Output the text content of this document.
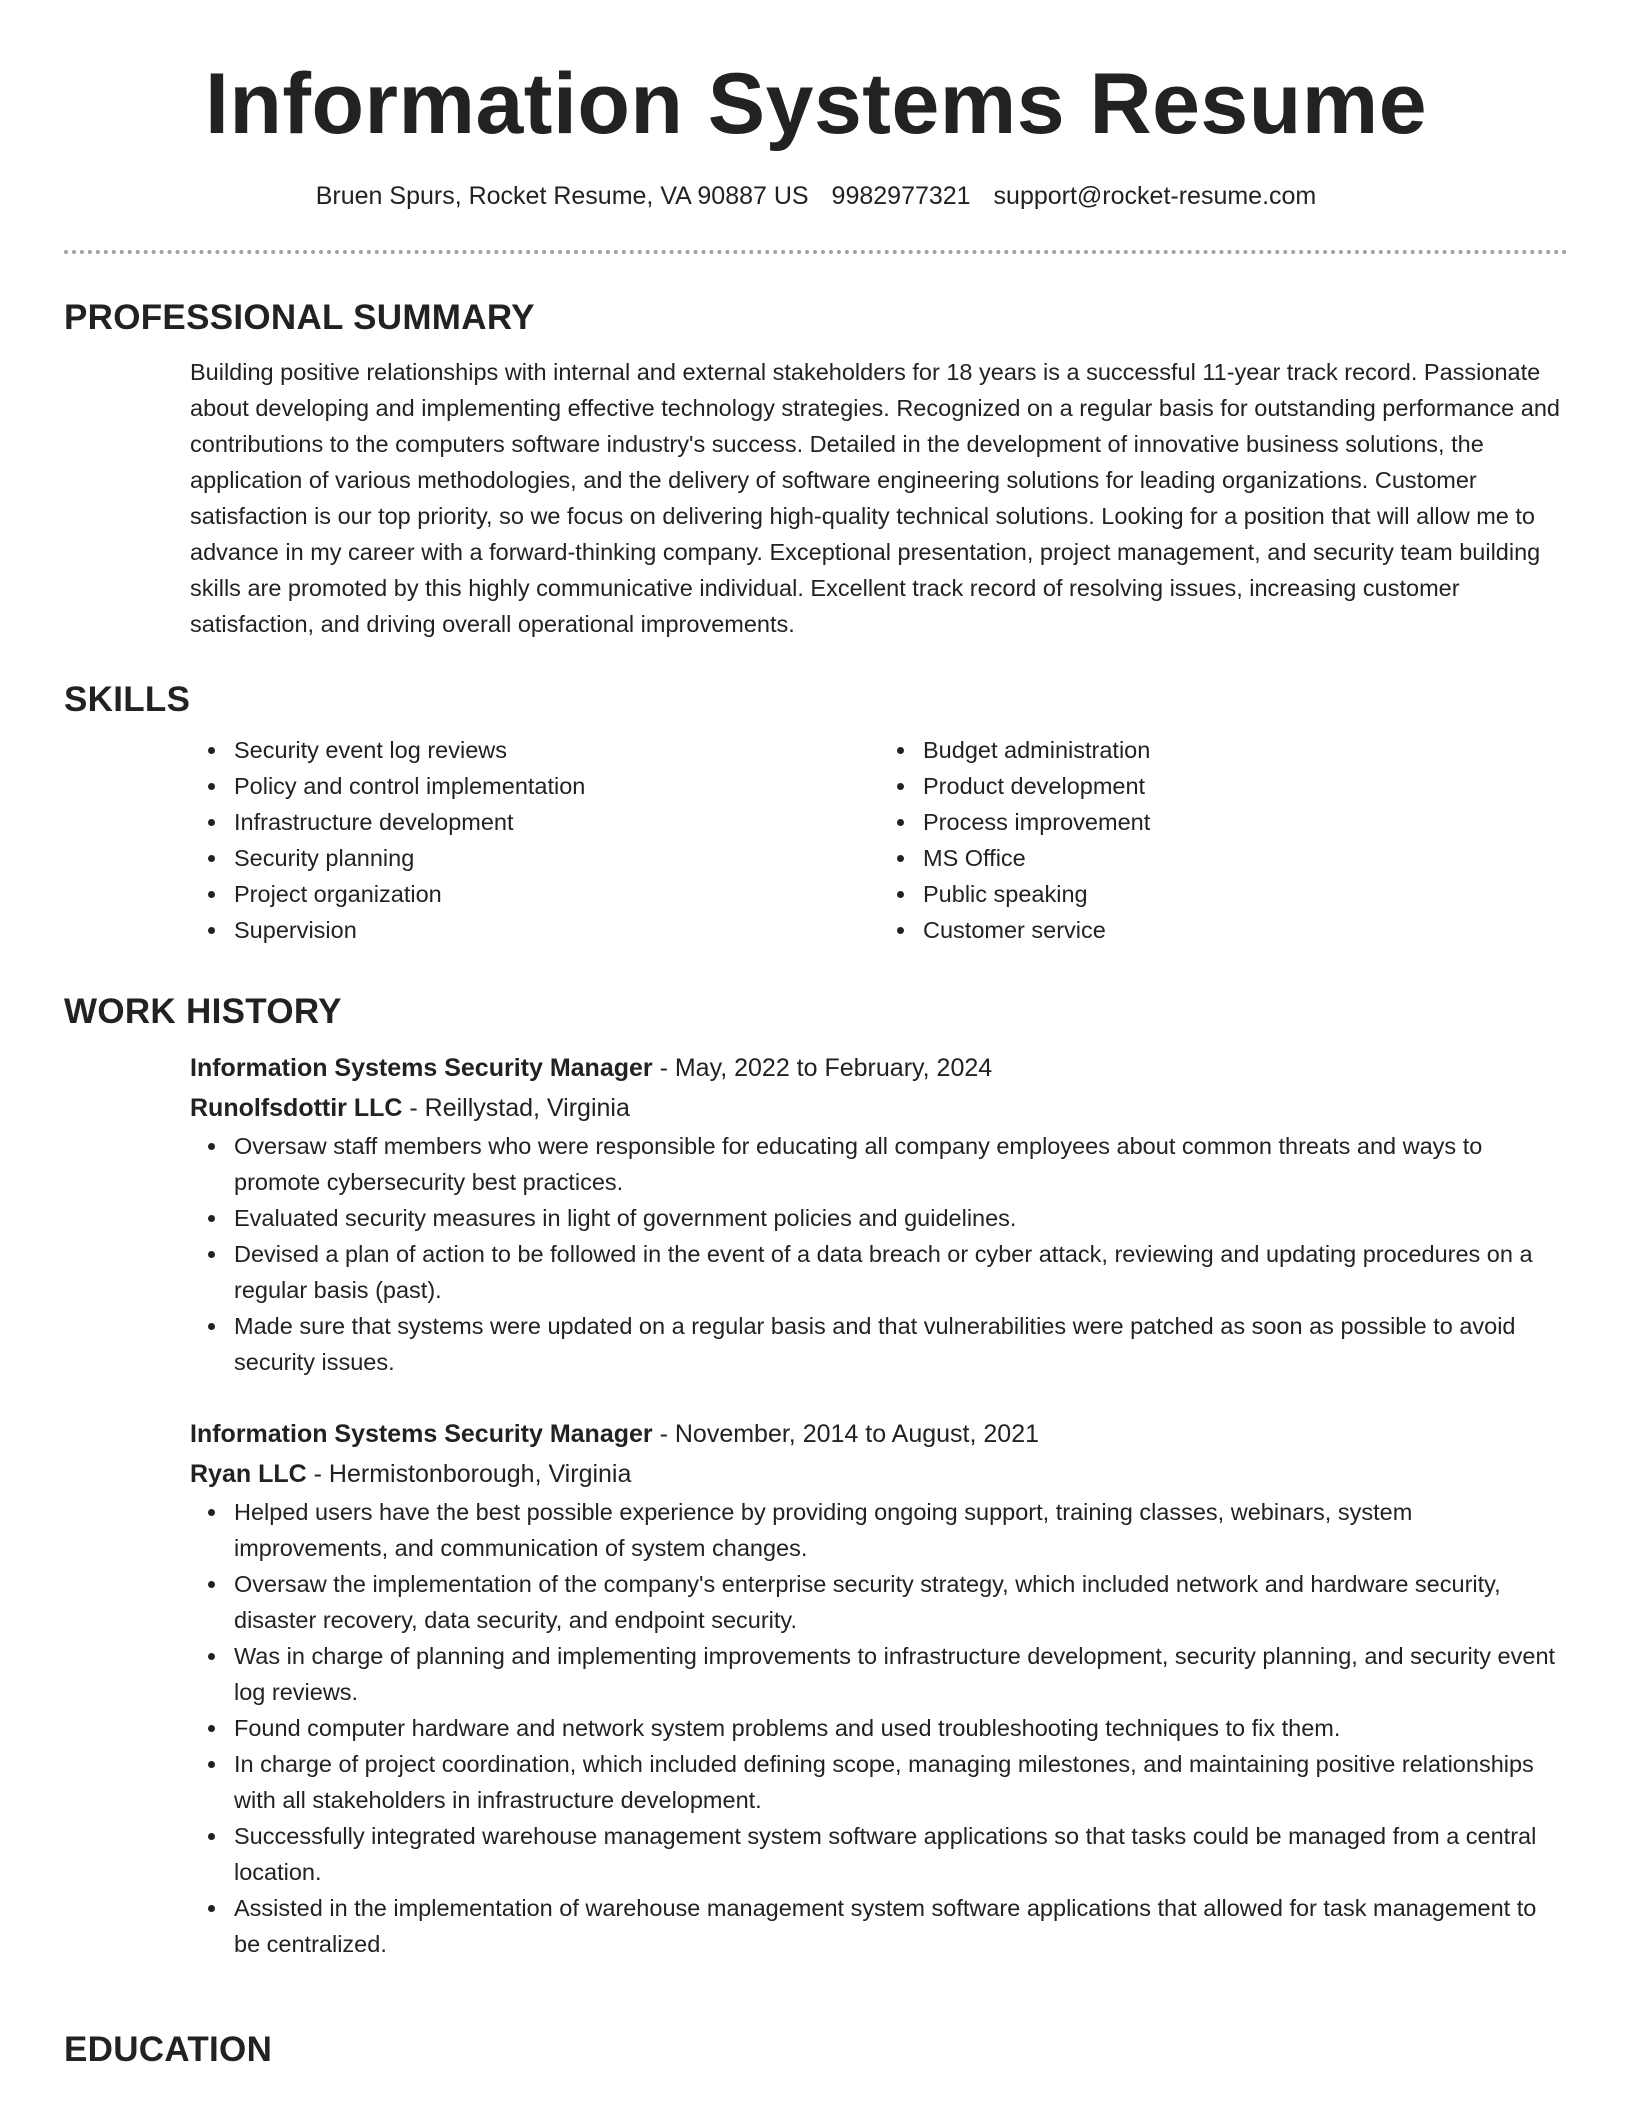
Information Systems Resume
Bruen Spurs, Rocket Resume, VA 90887 US 9982977321 support@rocket-resume.com
PROFESSIONAL SUMMARY
Building positive relationships with internal and external stakeholders for 18 years is a successful 11-year track record. Passionate about developing and implementing effective technology strategies. Recognized on a regular basis for outstanding performance and contributions to the computers software industry's success. Detailed in the development of innovative business solutions, the application of various methodologies, and the delivery of software engineering solutions for leading organizations. Customer satisfaction is our top priority, so we focus on delivering high-quality technical solutions. Looking for a position that will allow me to advance in my career with a forward-thinking company. Exceptional presentation, project management, and security team building skills are promoted by this highly communicative individual. Excellent track record of resolving issues, increasing customer satisfaction, and driving overall operational improvements.
SKILLS
Security event log reviews
Policy and control implementation
Infrastructure development
Security planning
Project organization
Supervision
Budget administration
Product development
Process improvement
MS Office
Public speaking
Customer service
WORK HISTORY
Information Systems Security Manager - May, 2022 to February, 2024
Runolfsdottir LLC - Reillystad, Virginia
Oversaw staff members who were responsible for educating all company employees about common threats and ways to promote cybersecurity best practices.
Evaluated security measures in light of government policies and guidelines.
Devised a plan of action to be followed in the event of a data breach or cyber attack, reviewing and updating procedures on a regular basis (past).
Made sure that systems were updated on a regular basis and that vulnerabilities were patched as soon as possible to avoid security issues.
Information Systems Security Manager - November, 2014 to August, 2021
Ryan LLC - Hermistonborough, Virginia
Helped users have the best possible experience by providing ongoing support, training classes, webinars, system improvements, and communication of system changes.
Oversaw the implementation of the company's enterprise security strategy, which included network and hardware security, disaster recovery, data security, and endpoint security.
Was in charge of planning and implementing improvements to infrastructure development, security planning, and security event log reviews.
Found computer hardware and network system problems and used troubleshooting techniques to fix them.
In charge of project coordination, which included defining scope, managing milestones, and maintaining positive relationships with all stakeholders in infrastructure development.
Successfully integrated warehouse management system software applications so that tasks could be managed from a central location.
Assisted in the implementation of warehouse management system software applications that allowed for task management to be centralized.
EDUCATION
